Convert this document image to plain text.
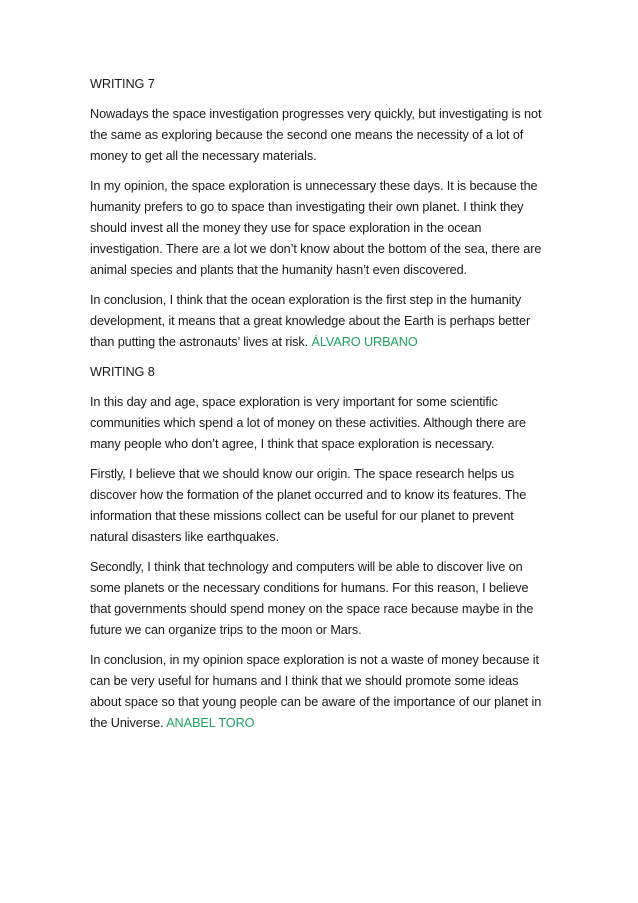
WRITING 7

Nowadays the space investigation progresses very quickly, but investigating is not the same as exploring because the second one means the necessity of a lot of money to get all the necessary materials.

In my opinion, the space exploration is unnecessary these days. It is because the humanity prefers to go to space than investigating their own planet. I think they should invest all the money they use for space exploration in the ocean investigation. There are a lot we don’t know about the bottom of the sea, there are animal species and plants that the humanity hasn’t even discovered.

In conclusion, I think that the ocean exploration is the first step in the humanity development, it means that a great knowledge about the Earth is perhaps better than putting the astronauts’ lives at risk. ÁLVARO URBANO

WRITING 8

In this day and age, space exploration is very important for some scientific communities which spend a lot of money on these activities. Although there are many people who don’t agree, I think that space exploration is necessary.

Firstly, I believe that we should know our origin. The space research helps us discover how the formation of the planet occurred and to know its features. The information that these missions collect can be useful for our planet to prevent natural disasters like earthquakes.

Secondly, I think that technology and computers will be able to discover live on some planets or the necessary conditions for humans. For this reason, I believe that governments should spend money on the space race because maybe in the future we can organize trips to the moon or Mars.

In conclusion, in my opinion space exploration is not a waste of money because it can be very useful for humans and I think that we should promote some ideas about space so that young people can be aware of the importance of our planet in the Universe. ANABEL TORO
